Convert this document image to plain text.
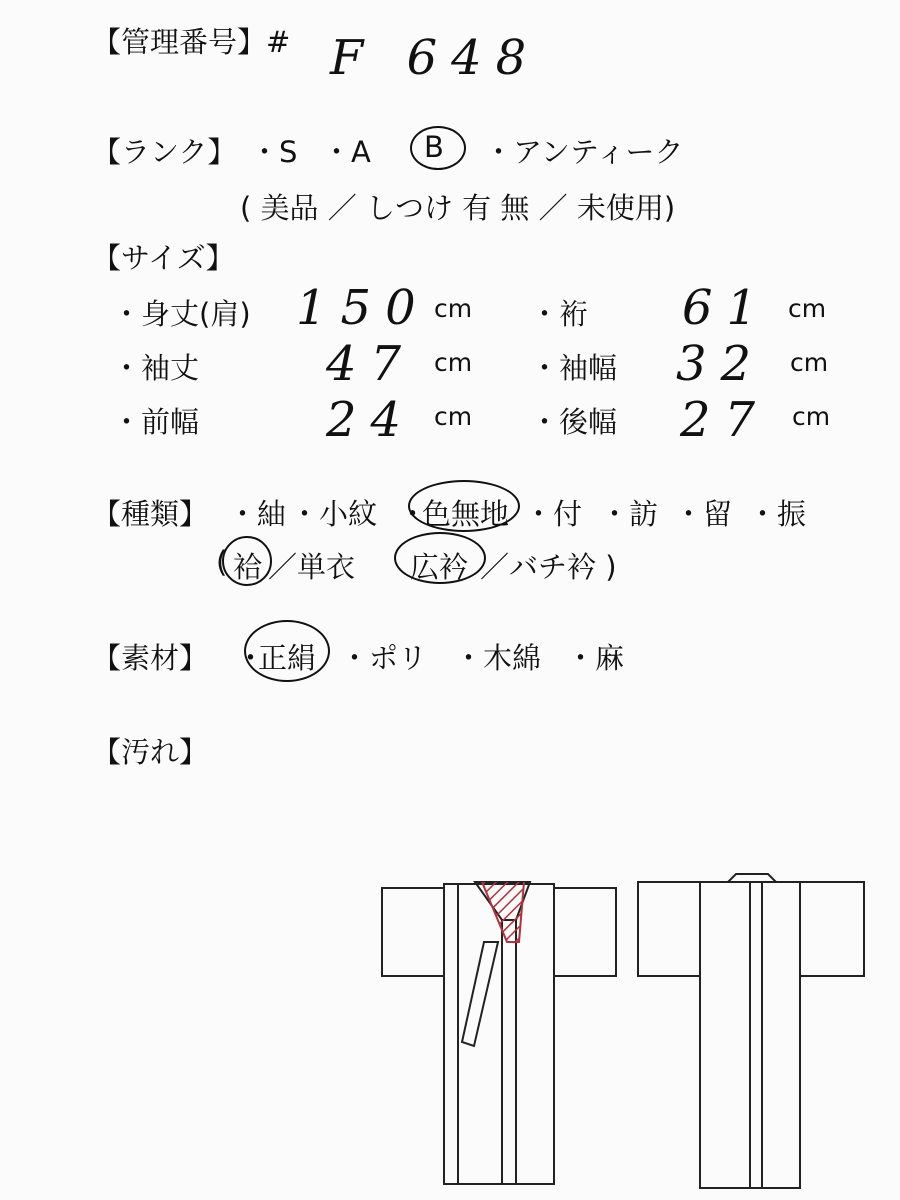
【管理番号】# F 648
【ランク】 ・S ・A B ・アンティーク
( 美品 ／ しつけ 有 無 ／ 未使用)
【サイズ】
・身丈(肩) 150 cm ・裄 61 cm
・袖丈	47 cm ・袖幅 32 cm
・前幅	24 cm ・後幅 27 cm
【種類】 ・紬 ・小紋 ・
色無地 ・付 ・訪 ・留 ・振
( 袷 ／単衣 広衿 ／バチ衿 )
【素材】 ・
正絹 ・ポリ ・木綿 ・麻
【汚れ】
